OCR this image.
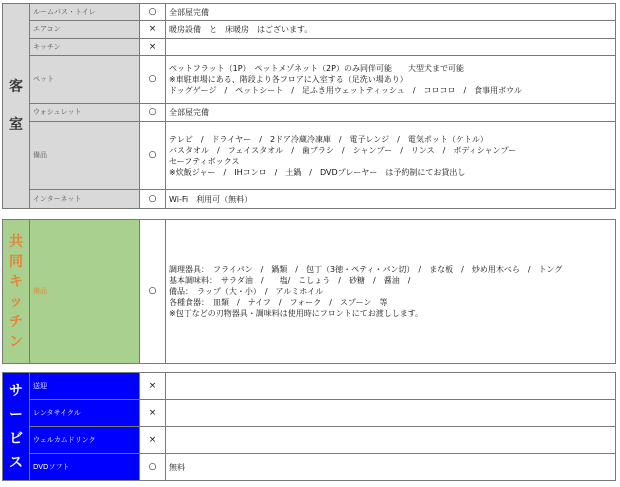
客
室	ルームバス・トイレ	○	全部屋完備

	エアコン	×	暖房設備　と　床暖房　はございます。

	キッチン	×	

	ペット	○	ペットフラット（1P）　ペットメゾネット（2P）のみ同伴可能　　大型犬まで可能
※車駐車場にある、階段より各フロアに入室する（足洗い場あり）
ドッグゲージ　/　ペットシート　/　足ふき用ウェットティッシュ　/　コロコロ　/　食事用ボウル

	ウォシュレット	○	全部屋完備

	備品	○	テレビ　/　ドライヤー　/　2ドア冷蔵冷凍庫　/　電子レンジ　/　電気ポット（ケトル）
バスタオル　/　フェイスタオル　/　歯ブラシ　/　シャンプー　/　リンス　/　ボディシャンプー
セーフティボックス
※炊飯ジャー　/　IHコンロ　/　土鍋　/　DVDプレーヤー　は予約制にてお貸出し

	インターネット	○	Wi-Fi　利用可（無料）
共
同
キ
ッ
チ
ン
	備品	○	
調理器具：　フライパン　/　鍋類　/　包丁（3徳・ペティ・パン切）　/　まな板　/　炒め用木べら　/　トング
基本調味料：　サラダ油　/　　塩/　こしょう　/　砂糖　/　醤油　/
備品：　ラップ（大・小）　/　アルミホイル
各種食器：　皿類　/　ナイフ　/　フォーク　/　スプーン　等
※包丁などの刃物器具・調味料は使用時にフロントにてお渡しします。
サ
ー
ビ
ス	送迎	×	
	レンタサイクル	×	
	ウェルカムドリンク	×	
	DVDソフト	○	無料
